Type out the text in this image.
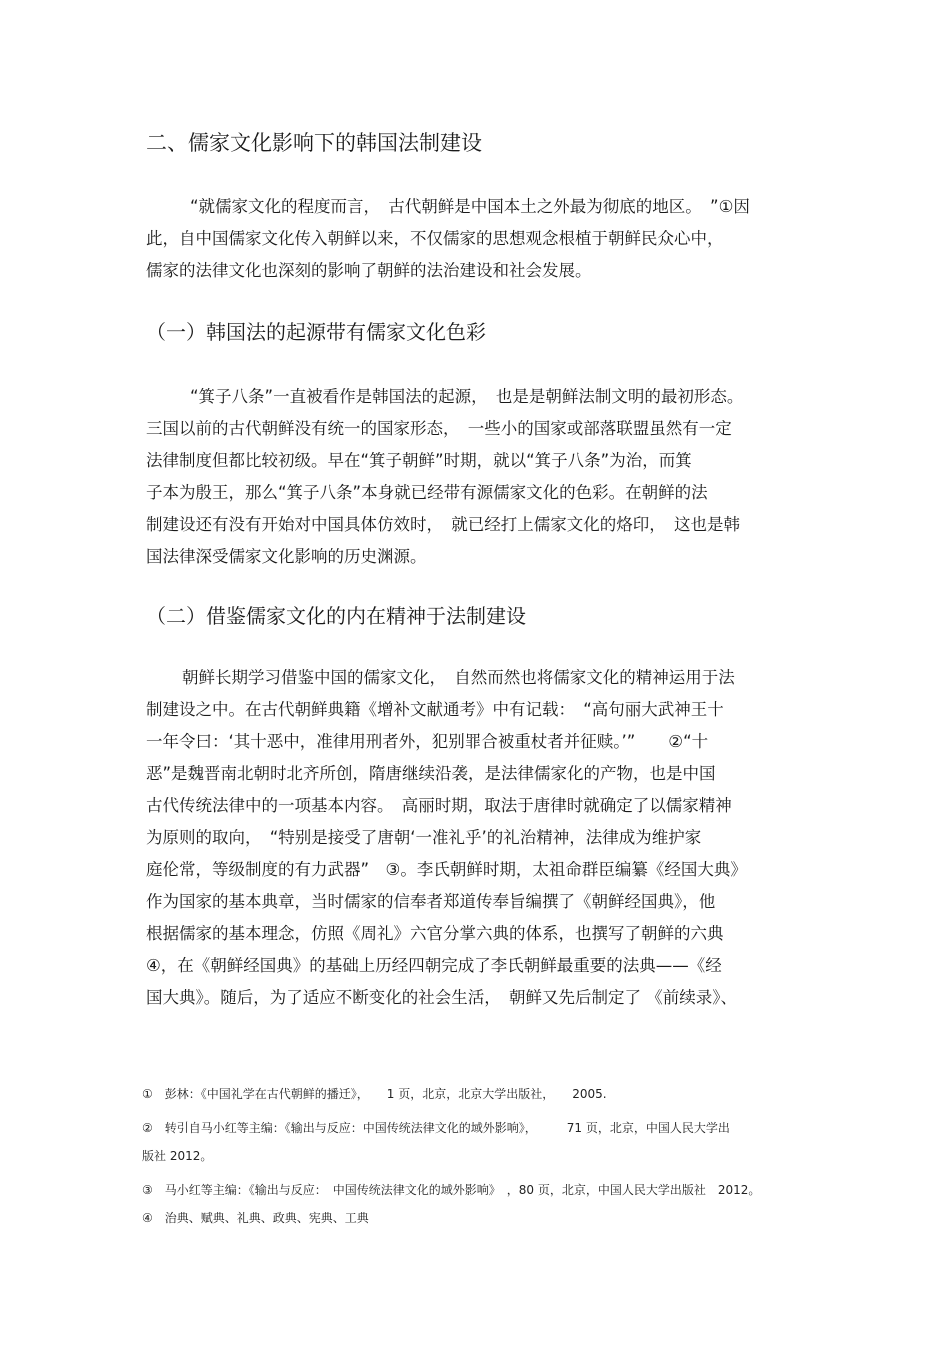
二、儒家文化影响下的韩国法制建设
“就儒家文化的程度而言，　古代朝鲜是中国本土之外最为彻底的地区。　”①因
此，自中国儒家文化传入朝鲜以来，不仅儒家的思想观念根植于朝鲜民众心中，
儒家的法律文化也深刻的影响了朝鲜的法治建设和社会发展。
（一）韩国法的起源带有儒家文化色彩
“箕子八条”一直被看作是韩国法的起源，　也是是朝鲜法制文明的最初形态。
三国以前的古代朝鲜没有统一的国家形态，　一些小的国家或部落联盟虽然有一定
法律制度但都比较初级。早在“箕子朝鲜”时期，就以“箕子八条”为治，而箕
子本为殷王，那么“箕子八条”本身就已经带有源儒家文化的色彩。在朝鲜的法
制建设还有没有开始对中国具体仿效时，　就已经打上儒家文化的烙印，　这也是韩
国法律深受儒家文化影响的历史渊源。
（二）借鉴儒家文化的内在精神于法制建设
朝鲜长期学习借鉴中国的儒家文化，　自然而然也将儒家文化的精神运用于法
制建设之中。在古代朝鲜典籍《增补文献通考》中有记载：　“高句丽大武神王十
一年令曰：‘其十恶中，准律用刑者外，犯别罪合被重杖者并征赎。’”　　②“十
恶”是魏晋南北朝时北齐所创，隋唐继续沿袭，是法律儒家化的产物，也是中国
古代传统法律中的一项基本内容。　高丽时期，取法于唐律时就确定了以儒家精神
为原则的取向，　“特别是接受了唐朝‘一准礼乎’的礼治精神，法律成为维护家
庭伦常，等级制度的有力武器”　③。李氏朝鲜时期，太祖命群臣编纂《经国大典》
作为国家的基本典章，当时儒家的信奉者郑道传奉旨编撰了《朝鲜经国典》，他
根据儒家的基本理念，仿照《周礼》六官分掌六典的体系，也撰写了朝鲜的六典
④，在《朝鲜经国典》的基础上历经四朝完成了李氏朝鲜最重要的法典——《经
国大典》。随后，为了适应不断变化的社会生活，　朝鲜又先后制定了 《前续录》、
①　彭林：《中国礼学在古代朝鲜的播迁》，　　1 页，北京，北京大学出版社，　　2005.
②　转引自马小红等主编：《输出与反应：中国传统法律文化的域外影响》，　　　71 页，北京，中国人民大学出
版社 2012。
③　马小红等主编：《输出与反应：　中国传统法律文化的域外影响》　，80 页，北京，中国人民大学出版社　2012。
④　治典、赋典、礼典、政典、宪典、工典
